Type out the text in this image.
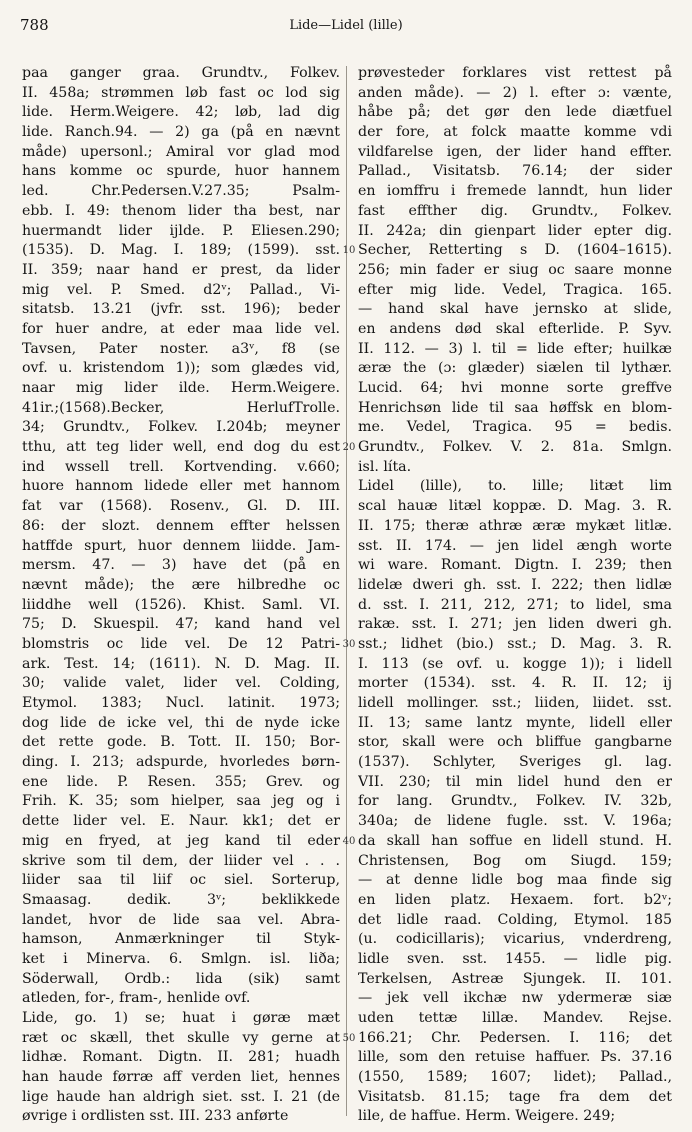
788	Lide—Lidel (lille)
paa ganger graa. Grundtv., Folkev.
II. 458a; strømmen løb fast oc lod sig
lide. Herm.Weigere. 42; løb, lad dig
lide. Ranch.94. — 2) ga (på en nævnt
måde) upersonl.; Amiral vor glad mod
hans komme oc spurde, huor hannem
led. Chr.Pedersen.V.27.35; Psalm-
ebb. I. 49: thenom lider tha best, nar
huermandt lider ijlde. P. Eliesen.290;
(1535). D. Mag. I. 189; (1599). sst.
II. 359; naar hand er prest, da lider
mig vel. P. Smed. d2ᵛ; Pallad., Vi-
sitatsb. 13.21 (jvfr. sst. 196); beder
for huer andre, at eder maa lide vel.
Tavsen, Pater noster. a3ᵛ, f8 (se
ovf. u. kristendom 1)); som glædes vid,
naar mig lider ilde. Herm.Weigere.
41ir.;(1568).Becker, HerlufTrolle.
34; Grundtv., Folkev. I.204b; meyner
tthu, att teg lider well, end dog du est
ind wssell trell. Kortvending. v.660;
huore hannom lidede eller met hannom
fat var (1568). Rosenv., Gl. D. III.
86: der slozt. dennem effter helssen
hatffde spurt, huor dennem liidde. Jam-
mersm. 47. — 3) have det (på en
nævnt måde); the ære hilbredhe oc
liiddhe well (1526). Khist. Saml. VI.
75; D. Skuespil. 47; kand hand vel
blomstris oc lide vel. De 12 Patri-
ark. Test. 14; (1611). N. D. Mag. II.
30; valide valet, lider vel. Colding,
Etymol. 1383; Nucl. latinit. 1973;
dog lide de icke vel, thi de nyde icke
det rette gode. B. Tott. II. 150; Bor-
ding. I. 213; adspurde, hvorledes børn-
ene lide. P. Resen. 355; Grev. og
Frih. K. 35; som hielper, saa jeg og i
dette lider vel. E. Naur. kk1; det er
mig en fryed, at jeg kand til eder
skrive som til dem, der liider vel . . .
liider saa til liif oc siel. Sorterup,
Smaasag. dedik. 3ᵛ; beklikkede
landet, hvor de lide saa vel. Abra-
hamson, Anmærkninger til Styk-
ket i Minerva. 6. Smlgn. isl. liða;
Söderwall, Ordb.: lida (sik) samt
atleden, for-, fram-, henlide ovf.
Lide, go. 1) se; huat i gøræ mæt
ræt oc skæll, thet skulle vy gerne at
lidhæ. Romant. Digtn. II. 281; huadh
han haude førræ aff verden liet, hennes
lige haude han aldrigh siet. sst. I. 21 (de
øvrige i ordlisten sst. III. 233 anførte
prøvesteder forklares vist rettest på
anden måde). — 2) l. efter ɔ: vænte,
håbe på; det gør den lede diætfuel
der fore, at folck maatte komme vdi
vildfarelse igen, der lider hand effter.
Pallad., Visitatsb. 76.14; der sider
en iomffru i fremede lanndt, hun lider
fast effther dig. Grundtv., Folkev.
II. 242a; din gienpart lider epter dig.
Secher, Retterting s D. (1604–1615).
256; min fader er siug oc saare monne
efter mig lide. Vedel, Tragica. 165.
— hand skal have jernsko at slide,
en andens død skal efterlide. P. Syv.
II. 112. — 3) l. til = lide efter; huilkæ
æræ the (ɔ: glæder) siælen til lythær.
Lucid. 64; hvi monne sorte greffve
Henrichsøn lide til saa høffsk en blom-
me. Vedel, Tragica. 95 = bedis.
Grundtv., Folkev. V. 2. 81a. Smlgn.
isl. líta.
Lidel (lille), to. lille; litæt lim
scal hauæ litæl koppæ. D. Mag. 3. R.
II. 175; theræ athræ æræ mykæt litlæ.
sst. II. 174. — jen lidel ængh worte
wi ware. Romant. Digtn. I. 239; then
lidelæ dweri gh. sst. I. 222; then lidlæ
d. sst. I. 211, 212, 271; to lidel, sma
rakæ. sst. I. 271; jen liden dweri gh.
sst.; lidhet (bio.) sst.; D. Mag. 3. R.
I. 113 (se ovf. u. kogge 1)); i lidell
morter (1534). sst. 4. R. II. 12; ij
lidell mollinger. sst.; liiden, liidet. sst.
II. 13; same lantz mynte, lidell eller
stor, skall were och bliffue gangbarne
(1537). Schlyter, Sveriges gl. lag.
VII. 230; til min lidel hund den er
for lang. Grundtv., Folkev. IV. 32b,
340a; de lidene fugle. sst. V. 196a;
da skall han soffue en lidell stund. H.
Christensen, Bog om Siugd. 159;
— at denne lidle bog maa finde sig
en liden platz. Hexaem. fort. b2ᵛ;
det lidle raad. Colding, Etymol. 185
(u. codicillaris); vicarius, vnderdreng,
lidle sven. sst. 1455. — lidle pig.
Terkelsen, Astreæ Sjungek. II. 101.
— jek vell ikchæ nw ydermeræ siæ
uden tettæ lillæ. Mandev. Rejse.
166.21; Chr. Pedersen. I. 116; det
lille, som den retuise haffuer. Ps. 37.16
(1550, 1589; 1607; lidet); Pallad.,
Visitatsb. 81.15; tage fra dem det
lile, de haffue. Herm. Weigere. 249;
10
20
30
40
50
